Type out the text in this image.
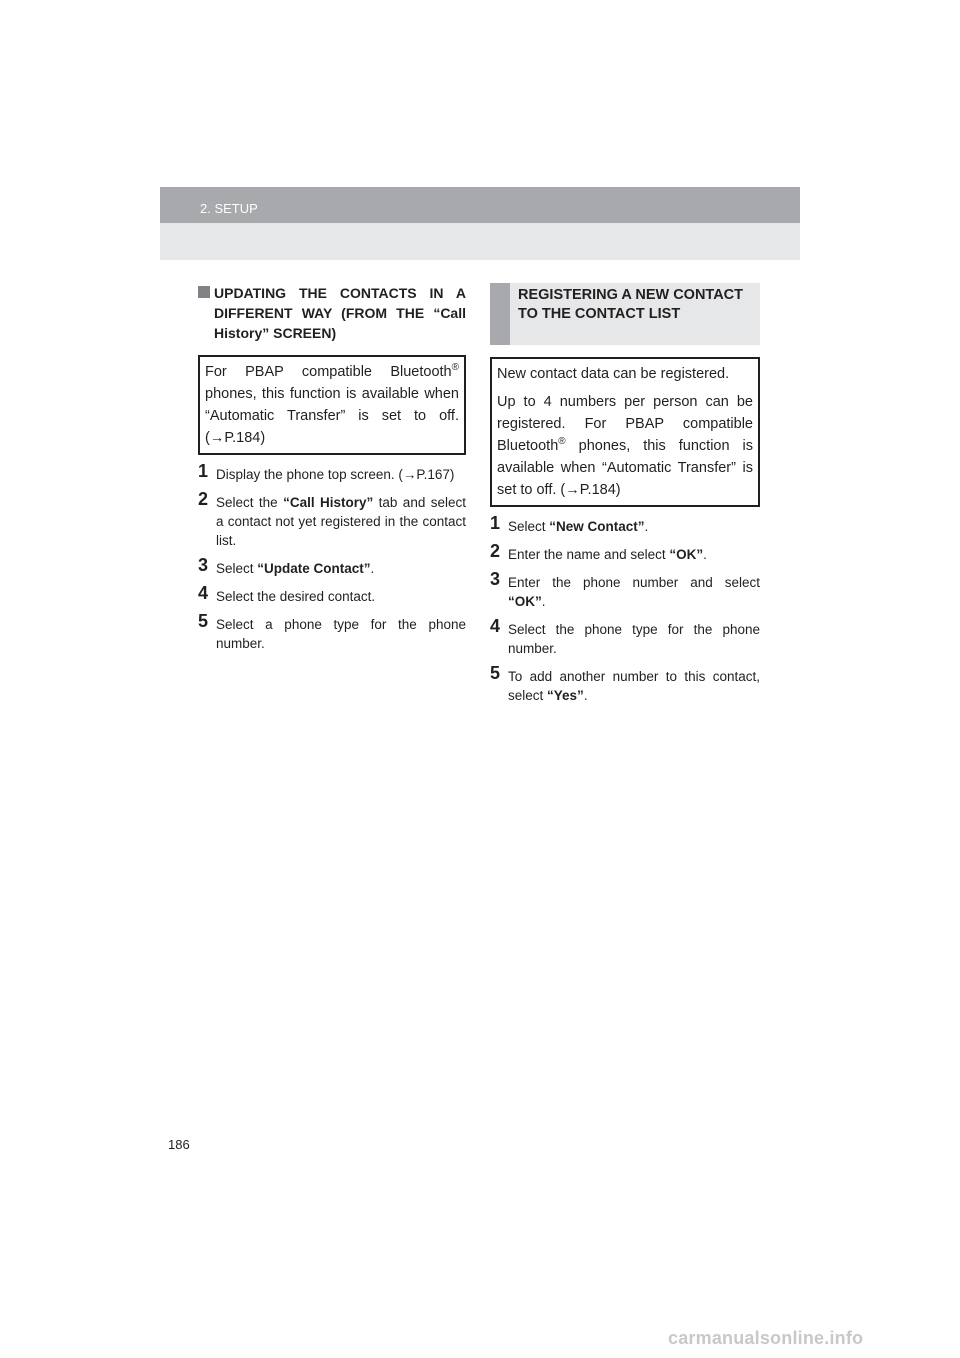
2. SETUP
UPDATING THE CONTACTS IN A DIFFERENT WAY (FROM THE “Call History” SCREEN)
For PBAP compatible Bluetooth® phones, this function is available when “Automatic Transfer” is set to off. (→P.184)
1 Display the phone top screen. (→P.167)
2 Select the “Call History” tab and select a contact not yet registered in the contact list.
3 Select “Update Contact”.
4 Select the desired contact.
5 Select a phone type for the phone number.
REGISTERING A NEW CONTACT TO THE CONTACT LIST
New contact data can be registered.
Up to 4 numbers per person can be registered. For PBAP compatible Bluetooth® phones, this function is available when “Automatic Transfer” is set to off. (→P.184)
1 Select “New Contact”.
2 Enter the name and select “OK”.
3 Enter the phone number and select “OK”.
4 Select the phone type for the phone number.
5 To add another number to this contact, select “Yes”.
186
carmanualsonline.info
